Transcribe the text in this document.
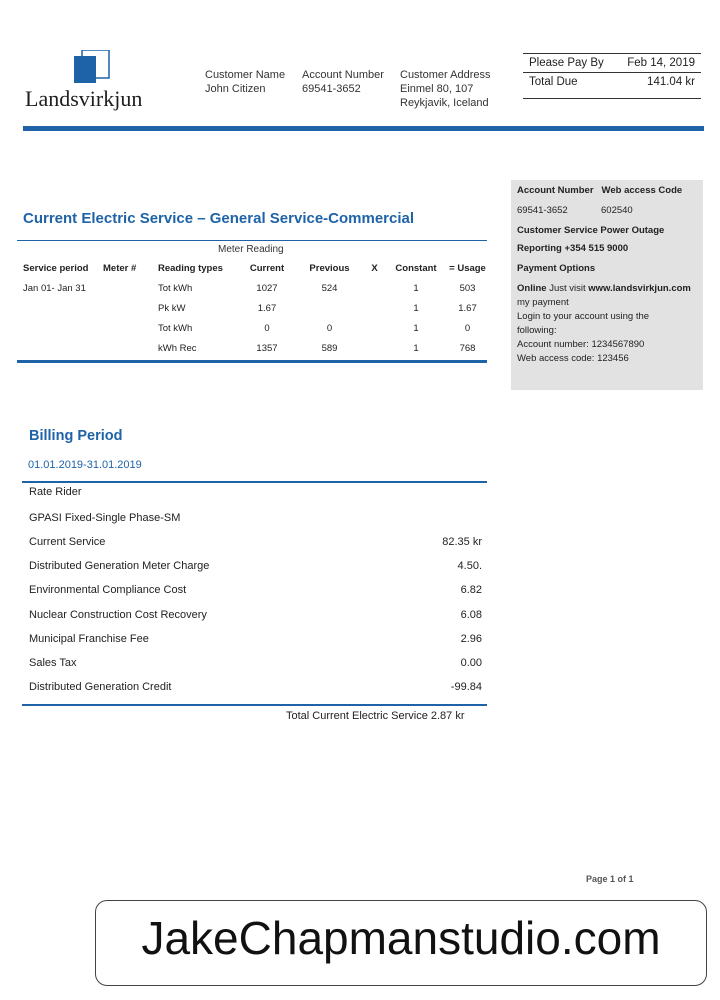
Landsvirkjun
Customer Name
John Citizen
Account Number
69541-3652
Customer Address
Einmel 80, 107
Reykjavik, Iceland
Please Pay By Feb 14, 2019
Total Due	141.04 kr
Current Electric Service – General Service-Commercial
Meter Reading
Service period	Meter #	Reading types	Current	Previous	X	Constant	= Usage
Jan 01- Jan 31		Tot kWh	1027	524		1	503
		Pk kW	1.67			1	1.67
		Tot kWh	0	0		1	0
		kWh Rec	1357	589		1	768
Account Number Web access Code
69541-3652	602540
Customer Service Power Outage
Reporting +354 515 9000
Payment Options
Online Just visit www.landsvirkjun.com
my payment
Login to your account using the
following:
Account number: 1234567890
Web access code: 123456
Billing Period
01.01.2019-31.01.2019
Rate Rider
GPASI Fixed-Single Phase-SM
Current Service	82.35 kr
Distributed Generation Meter Charge	4.50.
Environmental Compliance Cost	6.82
Nuclear Construction Cost Recovery	6.08
Municipal Franchise Fee	2.96
Sales Tax	0.00
Distributed Generation Credit	-99.84
Total Current Electric Service 2.87 kr
Page 1 of 1
JakeChapmanstudio.com
